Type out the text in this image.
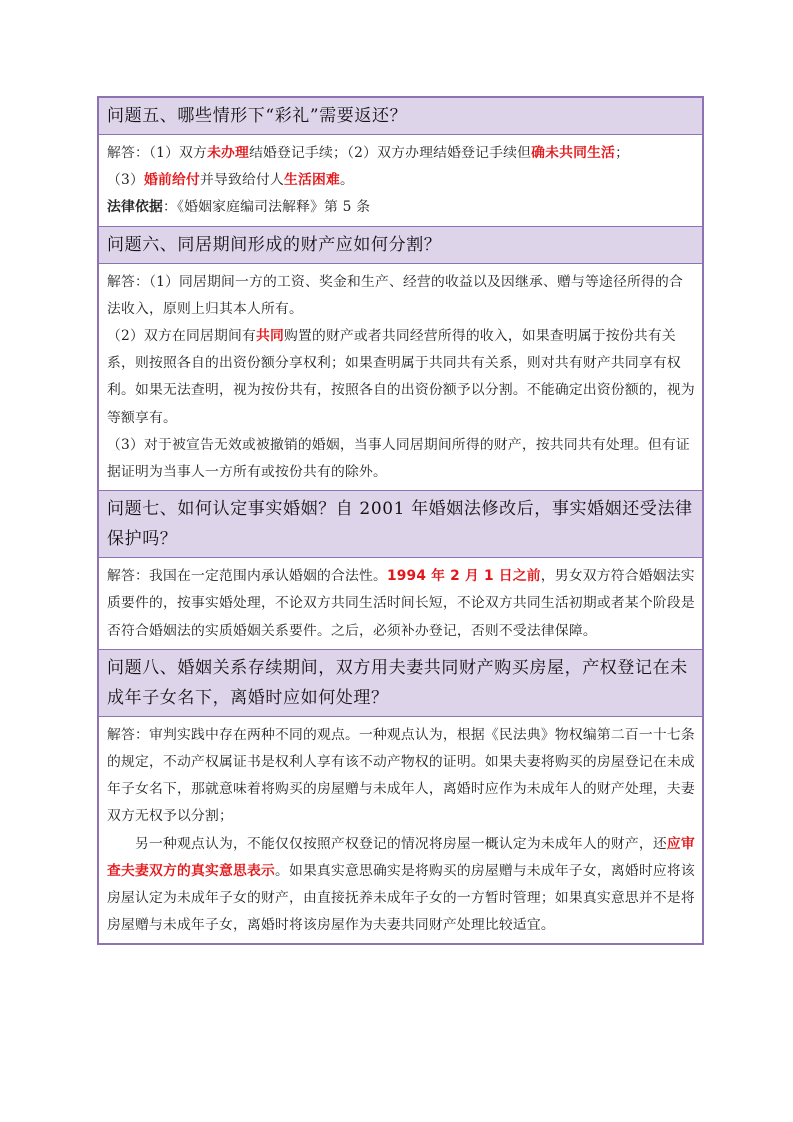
问题五、哪些情形下“彩礼”需要返还？

解答：（1）双方未办理结婚登记手续；（2）双方办理结婚登记手续但确未共同生活；

（3）婚前给付并导致给付人生活困难。

法律依据：《婚姻家庭编司法解释》第 5 条

问题六、同居期间形成的财产应如何分割？

解答：（1）同居期间一方的工资、奖金和生产、经营的收益以及因继承、赠与等途径所得的合法收入，原则上归其本人所有。

（2）双方在同居期间有共同购置的财产或者共同经营所得的收入，如果查明属于按份共有关系，则按照各自的出资份额分享权利；如果查明属于共同共有关系，则对共有财产共同享有权利。如果无法查明，视为按份共有，按照各自的出资份额予以分割。不能确定出资份额的，视为等额享有。

（3）对于被宣告无效或被撤销的婚姻，当事人同居期间所得的财产，按共同共有处理。但有证据证明为当事人一方所有或按份共有的除外。

问题七、如何认定事实婚姻？自 2001 年婚姻法修改后，事实婚姻还受法律保护吗？

解答：我国在一定范围内承认婚姻的合法性。1994 年 2 月 1 日之前，男女双方符合婚姻法实质要件的，按事实婚处理，不论双方共同生活时间长短，不论双方共同生活初期或者某个阶段是否符合婚姻法的实质婚姻关系要件。之后，必须补办登记，否则不受法律保障。

问题八、婚姻关系存续期间，双方用夫妻共同财产购买房屋，产权登记在未成年子女名下，离婚时应如何处理？

解答：审判实践中存在两种不同的观点。一种观点认为，根据《民法典》物权编第二百一十七条的规定，不动产权属证书是权利人享有该不动产物权的证明。如果夫妻将购买的房屋登记在未成年子女名下，那就意味着将购买的房屋赠与未成年人，离婚时应作为未成年人的财产处理，夫妻双方无权予以分割；

另一种观点认为，不能仅仅按照产权登记的情况将房屋一概认定为未成年人的财产，还应审查夫妻双方的真实意思表示。如果真实意思确实是将购买的房屋赠与未成年子女，离婚时应将该房屋认定为未成年子女的财产，由直接抚养未成年子女的一方暂时管理；如果真实意思并不是将房屋赠与未成年子女，离婚时将该房屋作为夫妻共同财产处理比较适宜。
